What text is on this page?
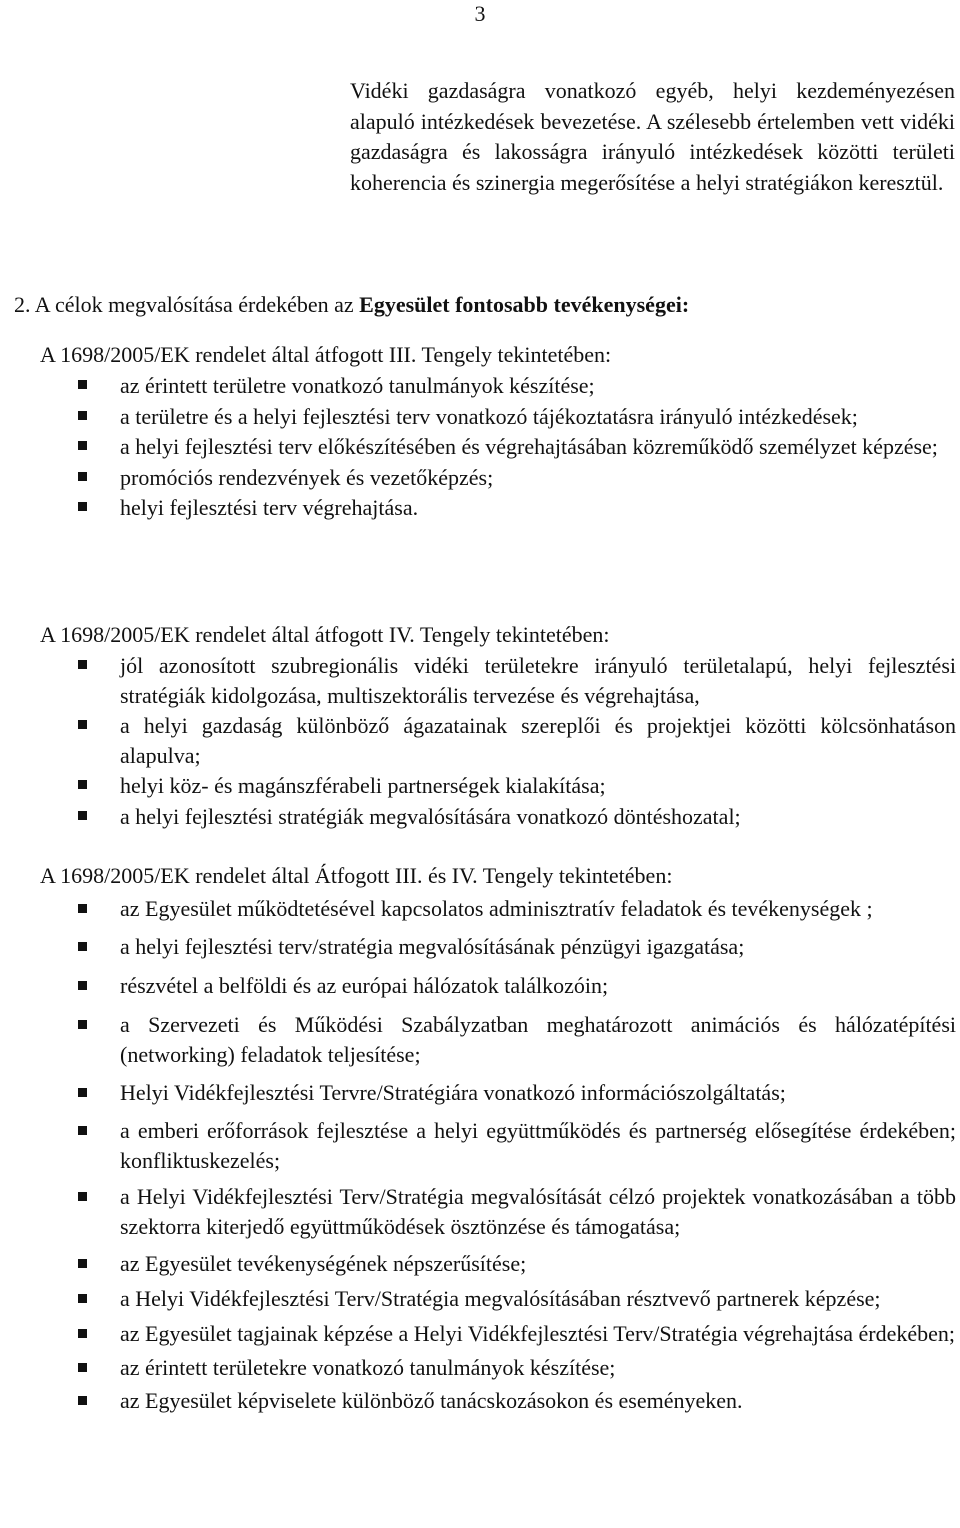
3
Vidéki gazdaságra vonatkozó egyéb, helyi kezdeményezésen alapuló intézkedések bevezetése. A szélesebb értelemben vett vidéki gazdaságra és lakosságra irányuló intézkedések közötti területi koherencia és szinergia megerősítése a helyi stratégiákon keresztül.
2. A célok megvalósítása érdekében az Egyesület fontosabb tevékenységei:
A 1698/2005/EK rendelet által átfogott III. Tengely tekintetében:
az érintett területre vonatkozó tanulmányok készítése;
a területre és a helyi fejlesztési terv vonatkozó tájékoztatásra irányuló intézkedések;
a helyi fejlesztési terv előkészítésében és végrehajtásában közreműködő személyzet képzése;
promóciós rendezvények és vezetőképzés;
helyi fejlesztési terv végrehajtása.
A 1698/2005/EK rendelet által átfogott IV. Tengely tekintetében:
jól azonosított szubregionális vidéki területekre irányuló területalapú, helyi fejlesztési stratégiák kidolgozása, multiszektorális tervezése és végrehajtása,
a helyi gazdaság különböző ágazatainak szereplői és projektjei közötti kölcsönhatáson alapulva;
helyi köz- és magánszférabeli partnerségek kialakítása;
a helyi fejlesztési stratégiák megvalósítására vonatkozó döntéshozatal;
A 1698/2005/EK rendelet által Átfogott III. és IV. Tengely tekintetében:
az Egyesület működtetésével kapcsolatos adminisztratív feladatok és tevékenységek ;
a helyi fejlesztési terv/stratégia megvalósításának pénzügyi igazgatása;
részvétel a belföldi és az európai hálózatok találkozóin;
a Szervezeti és Működési Szabályzatban meghatározott animációs és hálózatépítési (networking) feladatok teljesítése;
Helyi Vidékfejlesztési Tervre/Stratégiára vonatkozó információszolgáltatás;
a emberi erőforrások fejlesztése a helyi együttműködés és partnerség elősegítése érdekében; konfliktuskezelés;
a Helyi Vidékfejlesztési Terv/Stratégia megvalósítását célzó projektek vonatkozásában a több szektorra kiterjedő együttműködések ösztönzése és támogatása;
az Egyesület tevékenységének népszerűsítése;
a Helyi Vidékfejlesztési Terv/Stratégia megvalósításában résztvevő partnerek képzése;
az Egyesület tagjainak képzése a Helyi Vidékfejlesztési Terv/Stratégia végrehajtása érdekében;
az érintett területekre vonatkozó tanulmányok készítése;
az Egyesület képviselete különböző tanácskozásokon és eseményeken.
